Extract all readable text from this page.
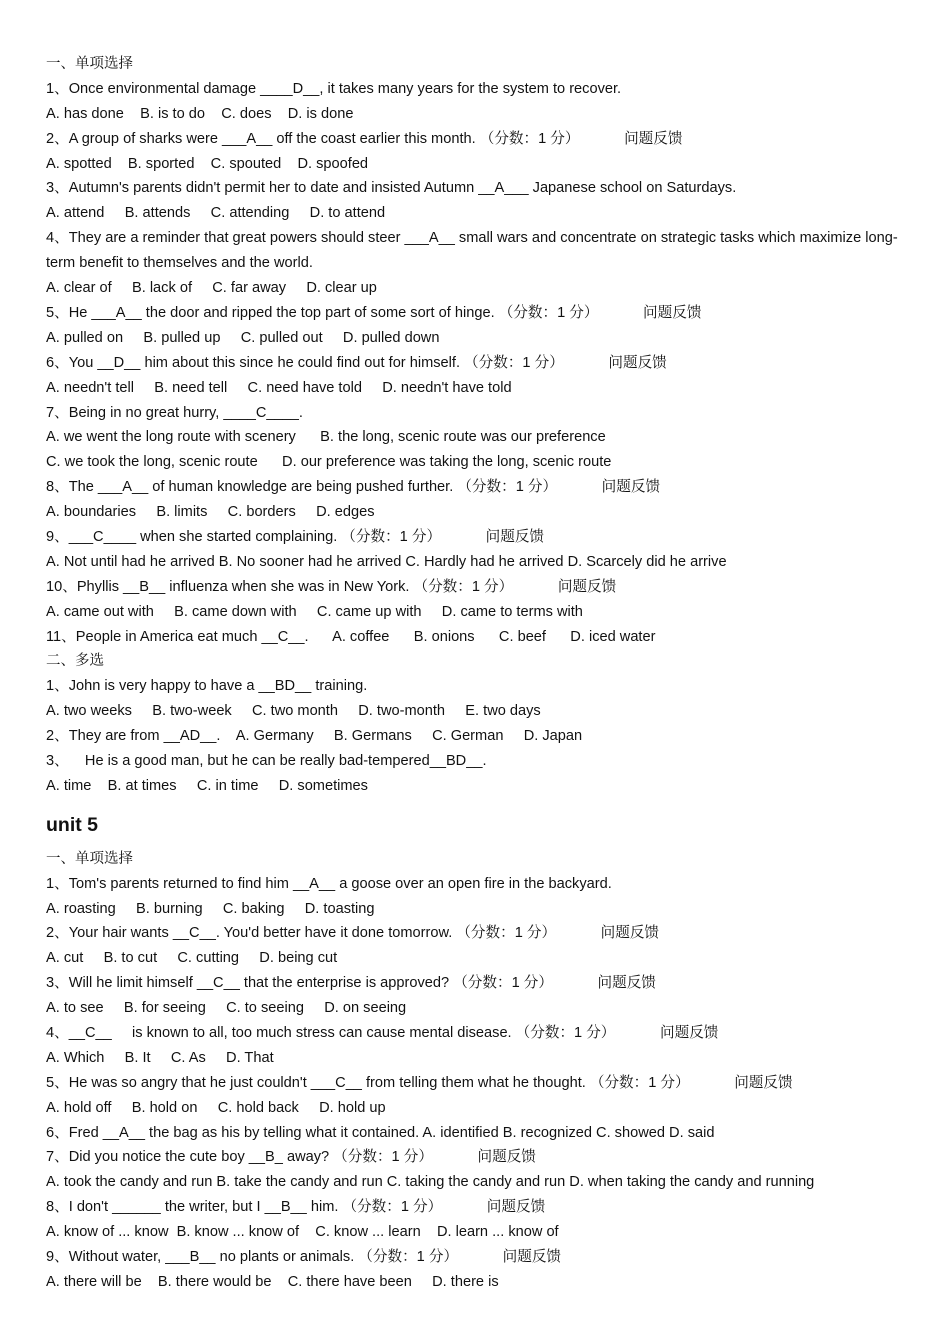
一、单项选择
1、Once environmental damage ____D__, it takes many years for the system to recover.
A. has done    B. is to do    C. does    D. is done
2、A group of sharks were ___A__ off the coast earlier this month. （分数：1 分）           问题反馈
A. spotted    B. sported    C. spouted    D. spoofed
3、Autumn's parents didn't permit her to date and insisted Autumn __A___ Japanese school on Saturdays.
A. attend     B. attends     C. attending     D. to attend
4、They are a reminder that great powers should steer ___A__ small wars and concentrate on strategic tasks which maximize long-term benefit to themselves and the world.
A. clear of     B. lack of     C. far away     D. clear up
5、He ___A__ the door and ripped the top part of some sort of hinge. （分数：1 分）           问题反馈
A. pulled on     B. pulled up     C. pulled out     D. pulled down
6、You __D__ him about this since he could find out for himself. （分数：1 分）           问题反馈
A. needn't tell     B. need tell     C. need have told     D. needn't have told
7、Being in no great hurry, ____C____.
A. we went the long route with scenery      B. the long, scenic route was our preference
C. we took the long, scenic route      D. our preference was taking the long, scenic route
8、The ___A__ of human knowledge are being pushed further. （分数：1 分）           问题反馈
A. boundaries     B. limits     C. borders     D. edges
9、___C____ when she started complaining. （分数：1 分）           问题反馈
A. Not until had he arrived B. No sooner had he arrived C. Hardly had he arrived D. Scarcely did he arrive
10、Phyllis __B__ influenza when she was in New York. （分数：1 分）           问题反馈
A. came out with     B. came down with     C. came up with     D. came to terms with
11、People in America eat much __C__.      A. coffee      B. onions      C. beef      D. iced water
二、多选
1、John is very happy to have a __BD__ training.
A. two weeks     B. two-week     C. two month     D. two-month     E. two days
2、They are from __AD__.    A. Germany     B. Germans     C. German     D. Japan
3、    He is a good man, but he can be really bad-tempered__BD__.
A. time    B. at times     C. in time     D. sometimes
unit 5
一、单项选择
1、Tom's parents returned to find him __A__ a goose over an open fire in the backyard.
A. roasting     B. burning     C. baking     D. toasting
2、Your hair wants __C__. You'd better have it done tomorrow. （分数：1 分）           问题反馈
A. cut     B. to cut     C. cutting     D. being cut
3、Will he limit himself __C__ that the enterprise is approved? （分数：1 分）           问题反馈
A. to see     B. for seeing     C. to seeing     D. on seeing
4、__C__     is known to all, too much stress can cause mental disease. （分数：1 分）           问题反馈
A. Which     B. It     C. As     D. That
5、He was so angry that he just couldn't ___C__ from telling them what he thought. （分数：1 分）           问题反馈
A. hold off     B. hold on     C. hold back     D. hold up
6、Fred __A__ the bag as his by telling what it contained. A. identified B. recognized C. showed D. said
7、Did you notice the cute boy __B_ away? （分数：1 分）           问题反馈
A. took the candy and run B. take the candy and run C. taking the candy and run D. when taking the candy and running
8、I don't ______ the writer, but I __B__ him. （分数：1 分）           问题反馈
A. know of ... know  B. know ... know of    C. know ... learn    D. learn ... know of
9、Without water, ___B__ no plants or animals. （分数：1 分）           问题反馈
A. there will be    B. there would be    C. there have been     D. there is
